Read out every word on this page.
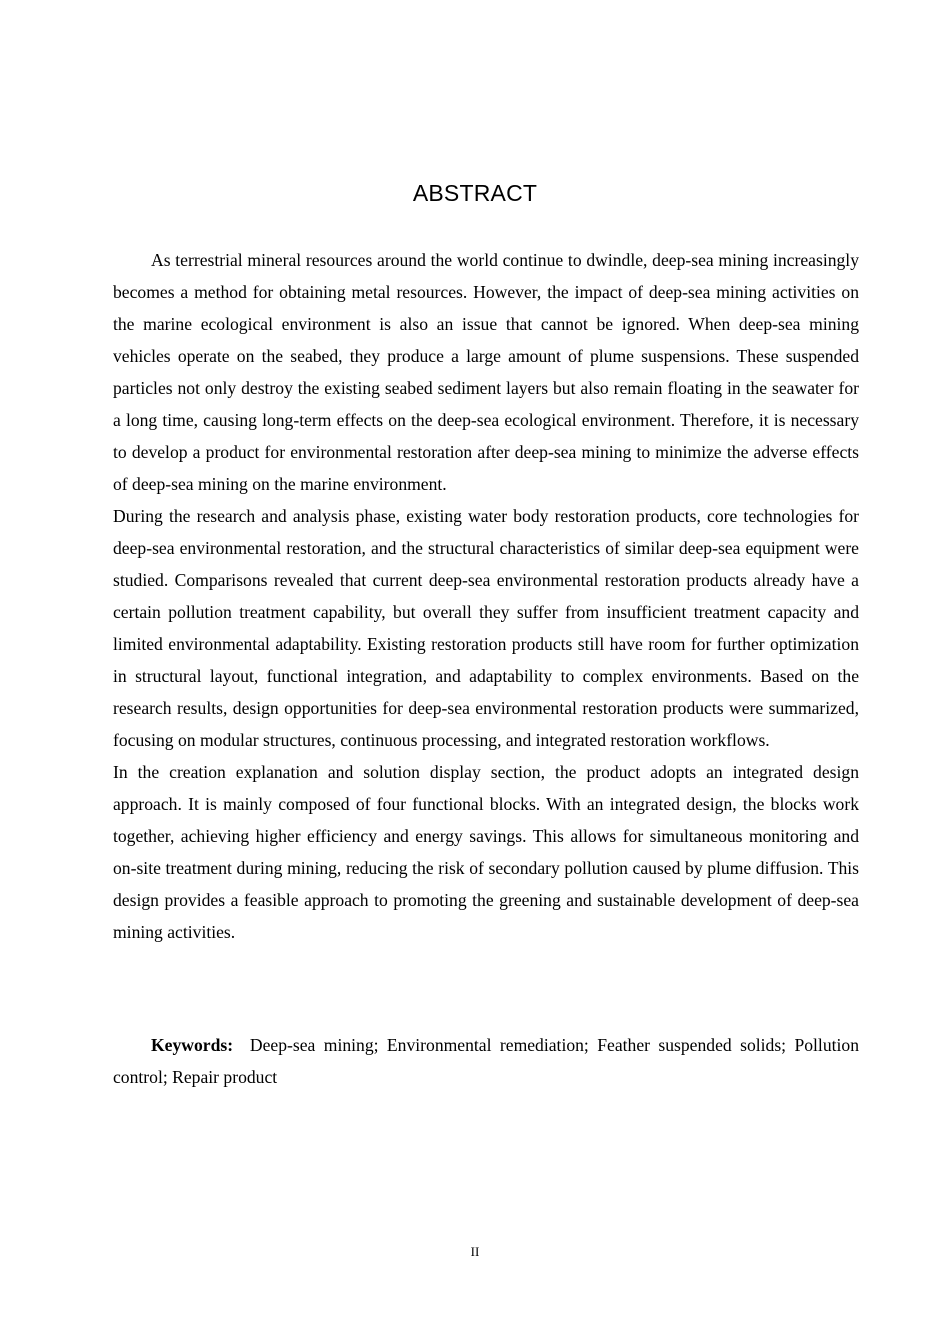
ABSTRACT

As terrestrial mineral resources around the world continue to dwindle, deep-sea mining increasingly becomes a method for obtaining metal resources. However, the impact of deep-sea mining activities on the marine ecological environment is also an issue that cannot be ignored. When deep-sea mining vehicles operate on the seabed, they produce a large amount of plume suspensions. These suspended particles not only destroy the existing seabed sediment layers but also remain floating in the seawater for a long time, causing long-term effects on the deep-sea ecological environment. Therefore, it is necessary to develop a product for environmental restoration after deep-sea mining to minimize the adverse effects of deep-sea mining on the marine environment.

During the research and analysis phase, existing water body restoration products, core technologies for deep-sea environmental restoration, and the structural characteristics of similar deep-sea equipment were studied. Comparisons revealed that current deep-sea environmental restoration products already have a certain pollution treatment capability, but overall they suffer from insufficient treatment capacity and limited environmental adaptability. Existing restoration products still have room for further optimization in structural layout, functional integration, and adaptability to complex environments. Based on the research results, design opportunities for deep-sea environmental restoration products were summarized, focusing on modular structures, continuous processing, and integrated restoration workflows.

In the creation explanation and solution display section, the product adopts an integrated design approach. It is mainly composed of four functional blocks. With an integrated design, the blocks work together, achieving higher efficiency and energy savings. This allows for simultaneous monitoring and on-site treatment during mining, reducing the risk of secondary pollution caused by plume diffusion. This design provides a feasible approach to promoting the greening and sustainable development of deep-sea mining activities.

Keywords: Deep-sea mining; Environmental remediation; Feather suspended solids; Pollution control; Repair product

II
